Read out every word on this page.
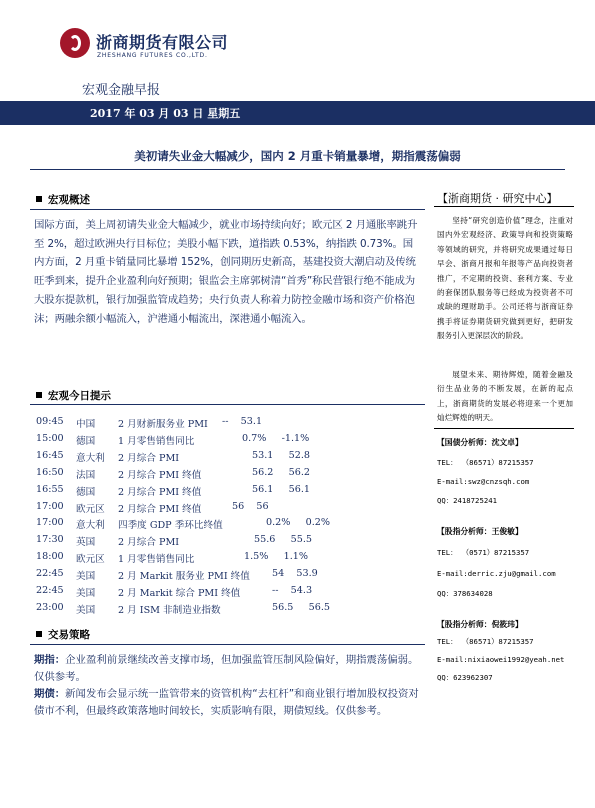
浙商期货有限公司
ZHESHANG FUTURES CO.,LTD.
宏观金融早报
2017 年 03 月 03 日 星期五
美初请失业金大幅减少，国内 2 月重卡销量暴增，期指震荡偏弱
宏观概述
国际方面，美上周初请失业金大幅减少，就业市场持续向好；欧元区 2 月通胀率跳升至 2%，超过欧洲央行目标位；美股小幅下跌，道指跌 0.53%，纳指跌 0.73%。国内方面，2 月重卡销量同比暴增 152%，创同期历史新高，基建投资大潮启动及传统旺季到来，提升企业盈利向好预期；银监会主席郭树清“首秀”称民营银行绝不能成为大股东提款机，银行加强监管成趋势；央行负责人称着力防控金融市场和资产价格泡沫；两融余额小幅流入，沪港通小幅流出，深港通小幅流入。
宏观今日提示
09:45 中国 2 月财新服务业 PMI --    53.1
15:00 德国 1 月零售销售同比	0.7%     -1.1%
16:45 意大利 2 月综合 PMI	53.1     52.8
16:50 法国 2 月综合 PMI 终值	56.2     56.2
16:55 德国 2 月综合 PMI 终值	56.1     56.1
17:00 欧元区 2 月综合 PMI 终值	56    56
17:00 意大利 四季度 GDP 季环比终值	0.2%     0.2%
17:30 英国 2 月综合 PMI	55.6     55.5
18:00 欧元区 1 月零售销售同比	1.5%     1.1%
22:45 美国 2 月 Markit 服务业 PMI 终值 54    53.9
22:45 美国 2 月 Markit 综合 PMI 终值	--    54.3
23:00 美国 2 月 ISM 非制造业指数	56.5     56.5
交易策略
期指：企业盈利前景继续改善支撑市场，但加强监管压制风险偏好，期指震荡偏弱。仅供参考。
期债：新闻发布会显示统一监管带来的资管机构“去杠杆”和商业银行增加股权投资对债市不利，但最终政策落地时间较长，实质影响有限，期债短线。仅供参考。
【浙商期货 · 研究中心】
坚持“研究创造价值”理念，注重对国内外宏观经济、政策导向和投资策略等领域的研究，并将研究成果通过每日早会、浙商月报和年报等产品向投资者推广，不定期的投资、套利方案、专业的套保团队服务等已经成为投资者不可或缺的理财助手。公司还将与浙商证券携手将证券期货研究做到更好，把研发服务引入更深层次的阶段。
展望未来、期待辉煌，随着金融及衍生品业务的不断发展，在新的起点上，浙商期货的发展必将迎来一个更加灿烂辉煌的明天。
【国债分析师：沈文卓】
TEL： （86571）87215357
E-mail:swz@cnzsqh.com
QQ：2418725241
【股指分析师：王俊敏】
TEL： （0571）87215357
E-mail:derric.zju@gmail.com
QQ：378634028
【股指分析师：倪筱玮】
TEL： （86571）87215357
E-mail:nixiaowei1992@yeah.net
QQ：623962307
